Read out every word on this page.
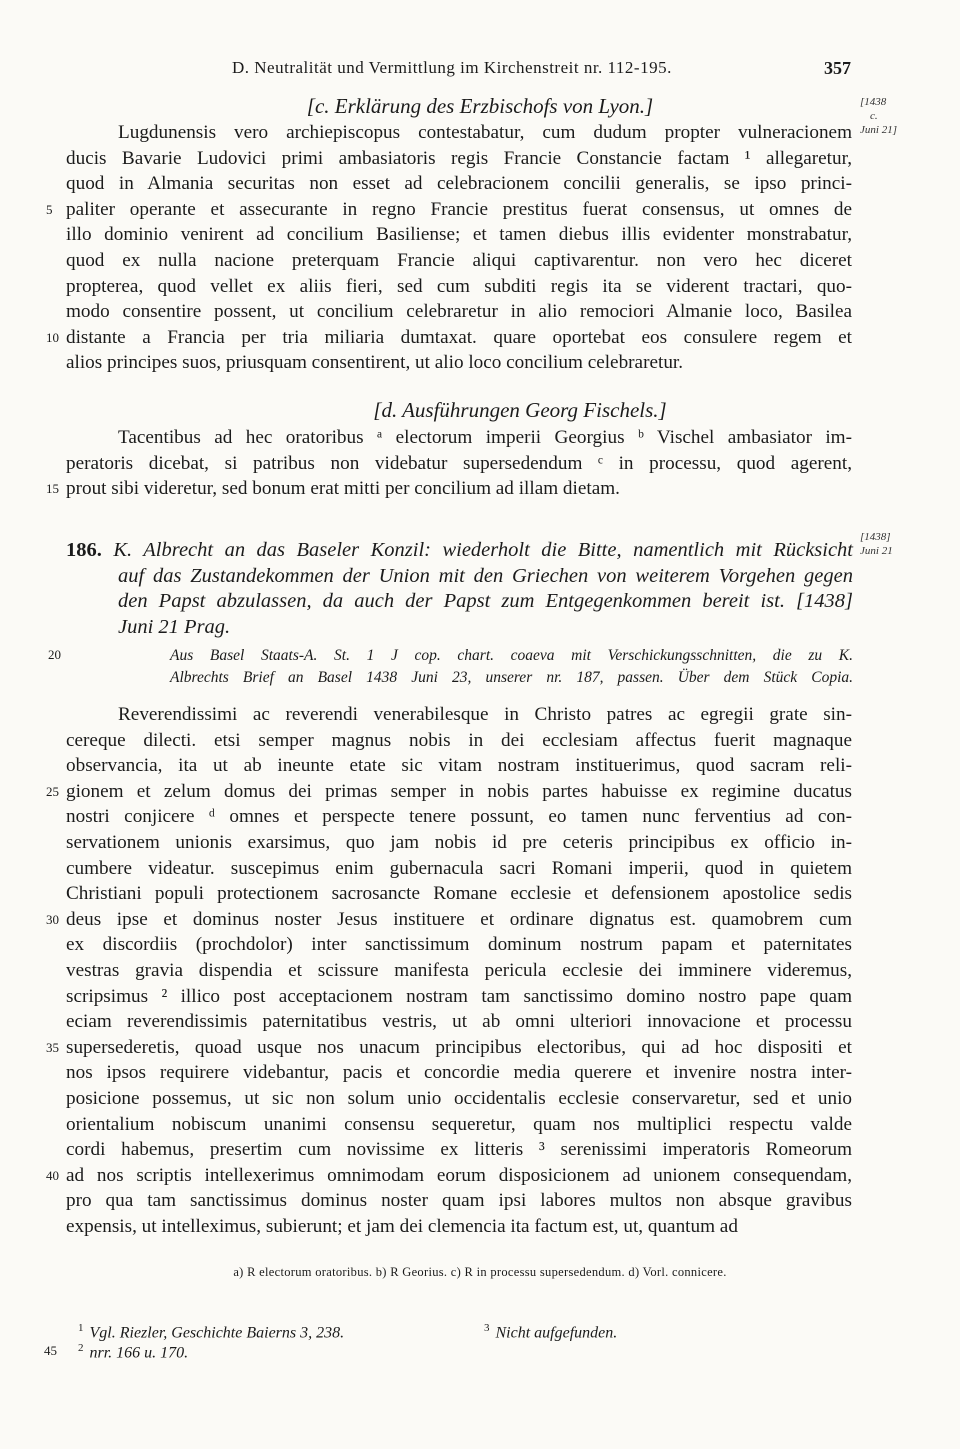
D. Neutralität und Vermittlung im Kirchenstreit nr. 112-195.	357
[c. Erklärung des Erzbischofs von Lyon.]	[1438
c.
Juni 21]
Lugdunensis vero archiepiscopus contestabatur, cum dudum propter vulneracionem
ducis Bavarie Ludovici primi ambasiatoris regis Francie Constancie factam ¹ allegaretur,
quod in Almania securitas non esset ad celebracionem concilii generalis, se ipso princi-
paliter operante et assecurante in regno Francie prestitus fuerat consensus, ut omnes de
5
illo dominio venirent ad concilium Basiliense; et tamen diebus illis evidenter monstrabatur,
quod ex nulla nacione preterquam Francie aliqui captivarentur. non vero hec diceret
propterea, quod vellet ex aliis fieri, sed cum subditi regis ita se viderent tractari, quo-
modo consentire possent, ut concilium celebraretur in alio remociori Almanie loco, Basilea
distante a Francia per tria miliaria dumtaxat. quare oportebat eos consulere regem et
10
alios principes suos, priusquam consentirent, ut alio loco concilium celebraretur.
[d. Ausführungen Georg Fischels.]
Tacentibus ad hec oratoribus ᵃ electorum imperii Georgius ᵇ Vischel ambasiator im-
peratoris dicebat, si patribus non videbatur supersedendum ᶜ in processu, quod agerent,
prout sibi videretur, sed bonum erat mitti per concilium ad illam dietam.
15
186. K. Albrecht an das Baseler Konzil: wiederholt die Bitte, namentlich mit Rücksicht
auf das Zustandekommen der Union mit den Griechen von weiterem Vorgehen gegen
den Papst abzulassen, da auch der Papst zum Entgegenkommen bereit ist. [1438]
Juni 21 Prag.
[1438]
Juni 21
20	Aus Basel Staats-A. St. 1 J cop. chart. coaeva mit Verschickungsschnitten, die zu K.
Albrechts Brief an Basel 1438 Juni 23, unserer nr. 187, passen. Über dem Stück Copia.
Reverendissimi ac reverendi venerabilesque in Christo patres ac egregii grate sin-
cereque dilecti. etsi semper magnus nobis in dei ecclesiam affectus fuerit magnaque
observancia, ita ut ab ineunte etate sic vitam nostram instituerimus, quod sacram reli-
gionem et zelum domus dei primas semper in nobis partes habuisse ex regimine ducatus
25
nostri conjicere ᵈ omnes et perspecte tenere possunt, eo tamen nunc ferventius ad con-
servationem unionis exarsimus, quo jam nobis id pre ceteris principibus ex officio in-
cumbere videatur. suscepimus enim gubernacula sacri Romani imperii, quod in quietem
Christiani populi protectionem sacrosancte Romane ecclesie et defensionem apostolice sedis
deus ipse et dominus noster Jesus instituere et ordinare dignatus est. quamobrem cum
30
ex discordiis (prochdolor) inter sanctissimum dominum nostrum papam et paternitates
vestras gravia dispendia et scissure manifesta pericula ecclesie dei imminere videremus,
scripsimus ² illico post acceptacionem nostram tam sanctissimo domino nostro pape quam
eciam reverendissimis paternitatibus vestris, ut ab omni ulteriori innovacione et processu
supersederetis, quoad usque nos unacum principibus electoribus, qui ad hoc dispositi et
35
nos ipsos requirere videbantur, pacis et concordie media querere et invenire nostra inter-
posicione possemus, ut sic non solum unio occidentalis ecclesie conservaretur, sed et unio
orientalium nobiscum unanimi consensu sequeretur, quam nos multiplici respectu valde
cordi habemus, presertim cum novissime ex litteris ³ serenissimi imperatoris Romeorum
ad nos scriptis intellexerimus omnimodam eorum disposicionem ad unionem consequendam,
40
pro qua tam sanctissimus dominus noster quam ipsi labores multos non absque gravibus
expensis, ut intelleximus, subierunt; et jam dei clemencia ita factum est, ut, quantum ad
a) R electorum oratoribus. b) R Georius. c) R in processu supersedendum. d) Vorl. connicere.
$^1$ Vgl. Riezler, Geschichte Baierns 3, 238.	$^3$ Nicht aufgefunden.
45 $^2$ nrr. 166 u. 170.
